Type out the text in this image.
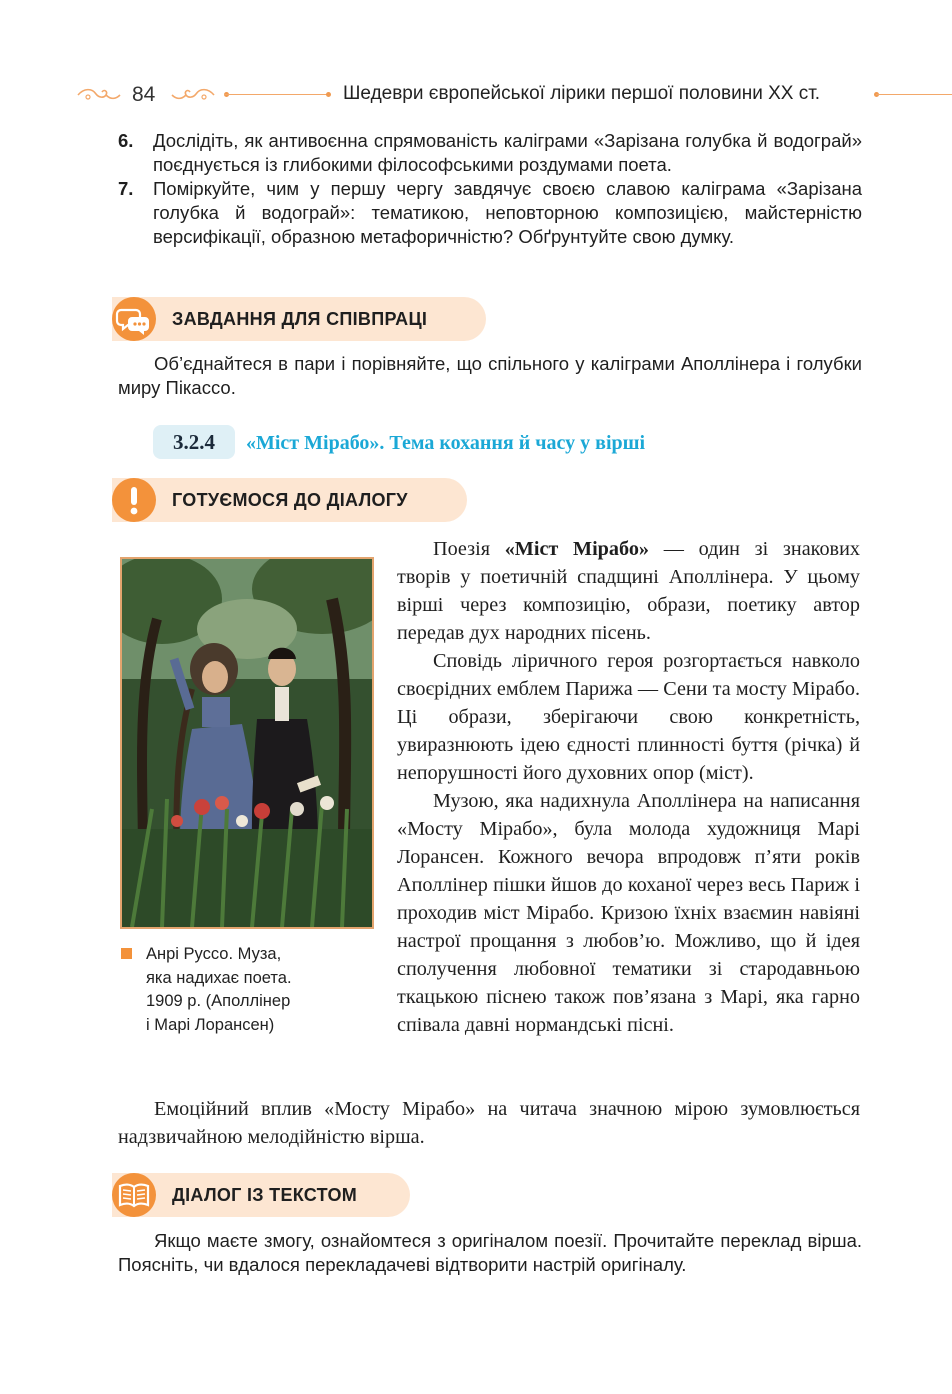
84	Шедеври європейської лірики першої половини ХХ ст.
6. Дослідіть, як антивоєнна спрямованість каліграми «Зарізана голубка й водограй» поєднується із глибокими філософськими роздумами поета.
7. Поміркуйте, чим у першу чергу завдячує своєю славою каліграма «Зарізана голубка й водограй»: тематикою, неповторною композицією, майстерністю версифікації, образною метафоричністю? Обґрунтуйте свою думку.
ЗАВДАННЯ ДЛЯ СПІВПРАЦІ
Об’єднайтеся в пари і порівняйте, що спільного у каліграми Аполлінера і голубки миру Пікассо.
3.2.4	«Міст Мірабо». Тема кохання й часу у вірші
ГОТУЄМОСЯ ДО ДІАЛОГУ
Анрі Руссо. Муза,
яка надихає поета.
1909 р. (Аполлінер
і Марі Лорансен)

Поезія «Міст Мірабо» — один зі знакових творів у поетичній спадщині Аполлінера. У цьому вірші через композицію, образи, поетику автор передав дух народних пісень.

Сповідь ліричного героя розгортається навколо своєрідних емблем Парижа — Сени та мосту Мірабо. Ці образи, зберігаючи свою конкретність, увиразнюють ідею єдності плинності буття (річка) й непорушності його духовних опор (міст).

Музою, яка надихнула Аполлінера на написання «Мосту Мірабо», була молода художниця Марі Лорансен. Кожного вечора впродовж п’яти років Аполлінер пішки йшов до коханої через весь Париж і проходив міст Мірабо. Кризою їхніх взаємин навіяні настрої прощання з любов’ю. Можливо, що й ідея сполучення любовної тематики зі стародавньою ткацькою піснею також пов’язана з Марі, яка гарно співала давні нормандські пісні.

Емоційний вплив «Мосту Мірабо» на читача значною мірою зумовлюється надзвичайною мелодійністю вірша.

ДІАЛОГ ІЗ ТЕКСТОМ
Якщо маєте змогу, ознайомтеся з оригіналом поезії. Прочитайте переклад вірша. Поясніть, чи вдалося перекладачеві відтворити настрій оригіналу.
